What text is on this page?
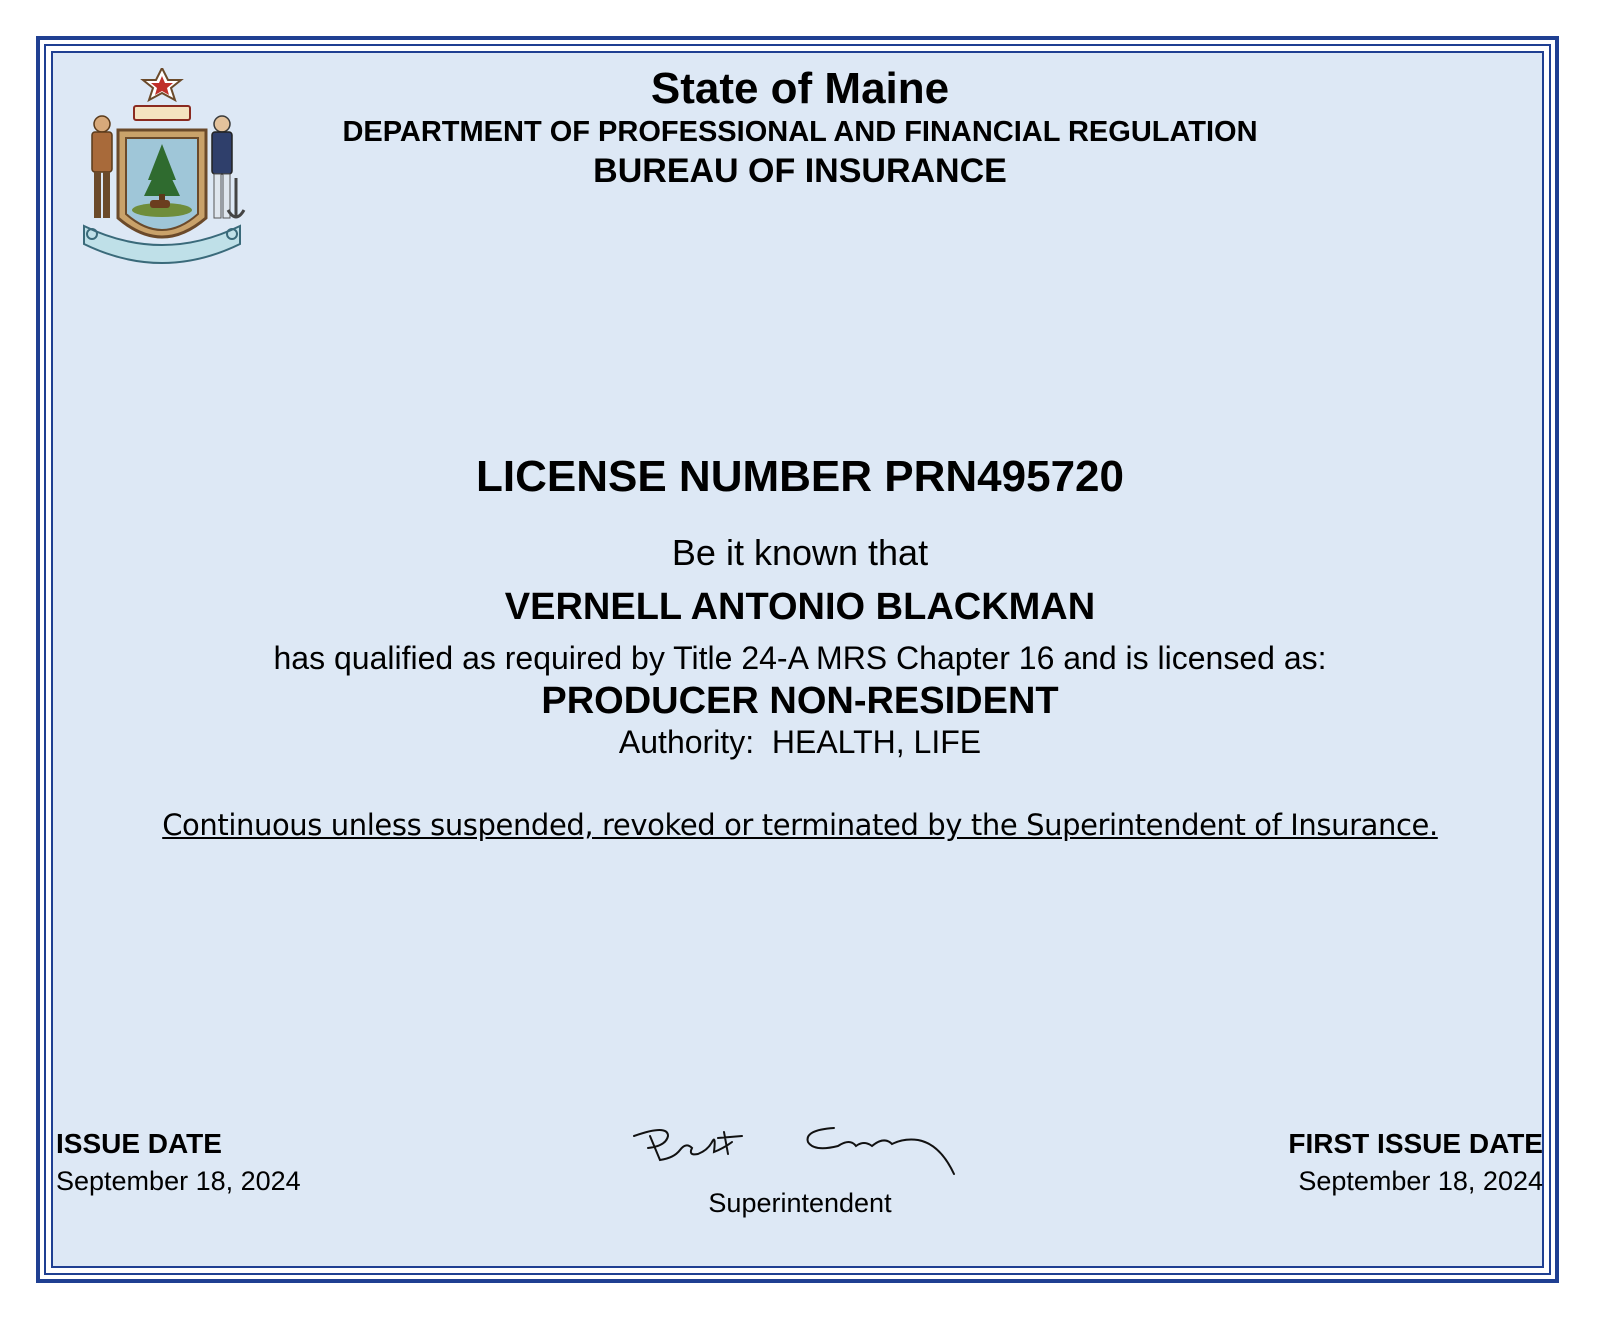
State of Maine
DEPARTMENT OF PROFESSIONAL AND FINANCIAL REGULATION
BUREAU OF INSURANCE
LICENSE NUMBER PRN495720
Be it known that
VERNELL ANTONIO BLACKMAN
has qualified as required by Title 24-A MRS Chapter 16 and is licensed as:
PRODUCER NON-RESIDENT
Authority: HEALTH, LIFE
Continuous unless suspended, revoked or terminated by the Superintendent of Insurance.
ISSUE DATE
September 18, 2024
Superintendent
FIRST ISSUE DATE
September 18, 2024
